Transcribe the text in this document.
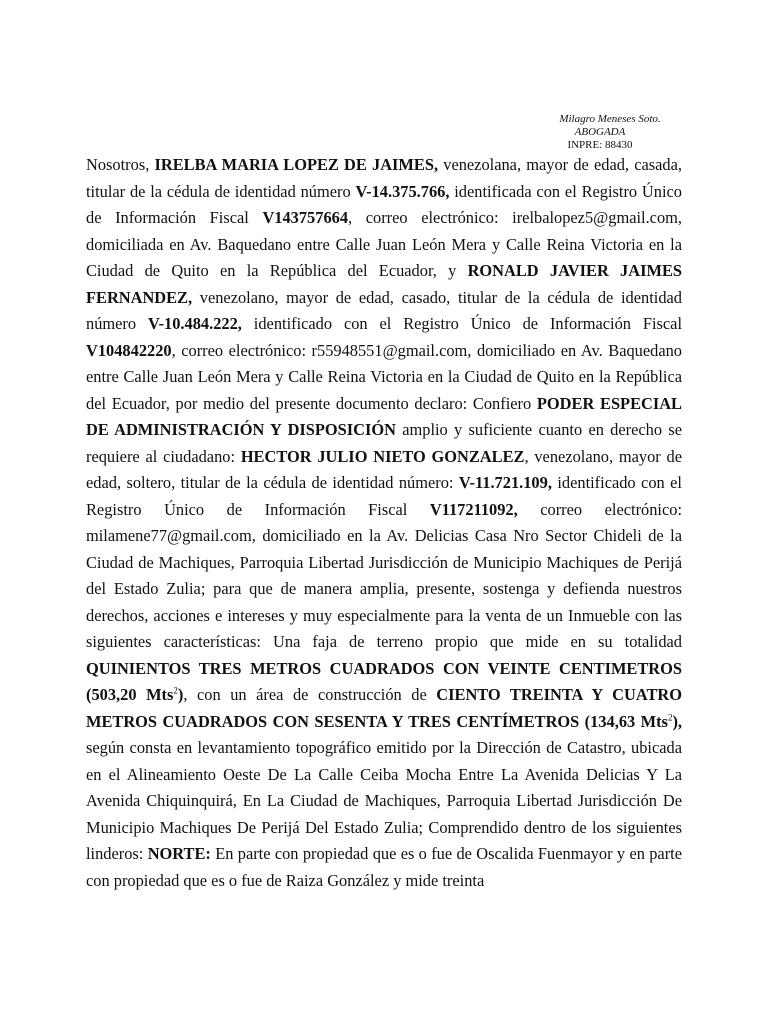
Milagro Meneses Soto.
ABOGADA
INPRE: 88430

Nosotros, IRELBA MARIA LOPEZ DE JAIMES, venezolana, mayor de edad, casada, titular de la cédula de identidad número V-14.375.766, identificada con el Registro Único de Información Fiscal V143757664, correo electrónico: irelbalopez5@gmail.com, domiciliada en Av. Baquedano entre Calle Juan León Mera y Calle Reina Victoria en la Ciudad de Quito en la República del Ecuador, y RONALD JAVIER JAIMES FERNANDEZ, venezolano, mayor de edad, casado, titular de la cédula de identidad número V-10.484.222, identificado con el Registro Único de Información Fiscal V104842220, correo electrónico: r55948551@gmail.com, domiciliado en Av. Baquedano entre Calle Juan León Mera y Calle Reina Victoria en la Ciudad de Quito en la República del Ecuador, por medio del presente documento declaro: Confiero PODER ESPECIAL DE ADMINISTRACIÓN Y DISPOSICIÓN amplio y suficiente cuanto en derecho se requiere al ciudadano: HECTOR JULIO NIETO GONZALEZ, venezolano, mayor de edad, soltero, titular de la cédula de identidad número: V-11.721.109, identificado con el Registro Único de Información Fiscal V117211092, correo electrónico: milamene77@gmail.com, domiciliado en la Av. Delicias Casa Nro Sector Chideli de la Ciudad de Machiques, Parroquia Libertad Jurisdicción de Municipio Machiques de Perijá del Estado Zulia; para que de manera amplia, presente, sostenga y defienda nuestros derechos, acciones e intereses y muy especialmente para la venta de un Inmueble con las siguientes características: Una faja de terreno propio que mide en su totalidad QUINIENTOS TRES METROS CUADRADOS CON VEINTE CENTIMETROS (503,20 Mts$^2$), con un área de construcción de CIENTO TREINTA Y CUATRO METROS CUADRADOS CON SESENTA Y TRES CENTÍMETROS (134,63 Mts$^2$), según consta en levantamiento topográfico emitido por la Dirección de Catastro, ubicada en el Alineamiento Oeste De La Calle Ceiba Mocha Entre La Avenida Delicias Y La Avenida Chiquinquirá, En La Ciudad de Machiques, Parroquia Libertad Jurisdicción De Municipio Machiques De Perijá Del Estado Zulia; Comprendido dentro de los siguientes linderos: NORTE: En parte con propiedad que es o fue de Oscalida Fuenmayor y en parte con propiedad que es o fue de Raiza González y mide treinta
